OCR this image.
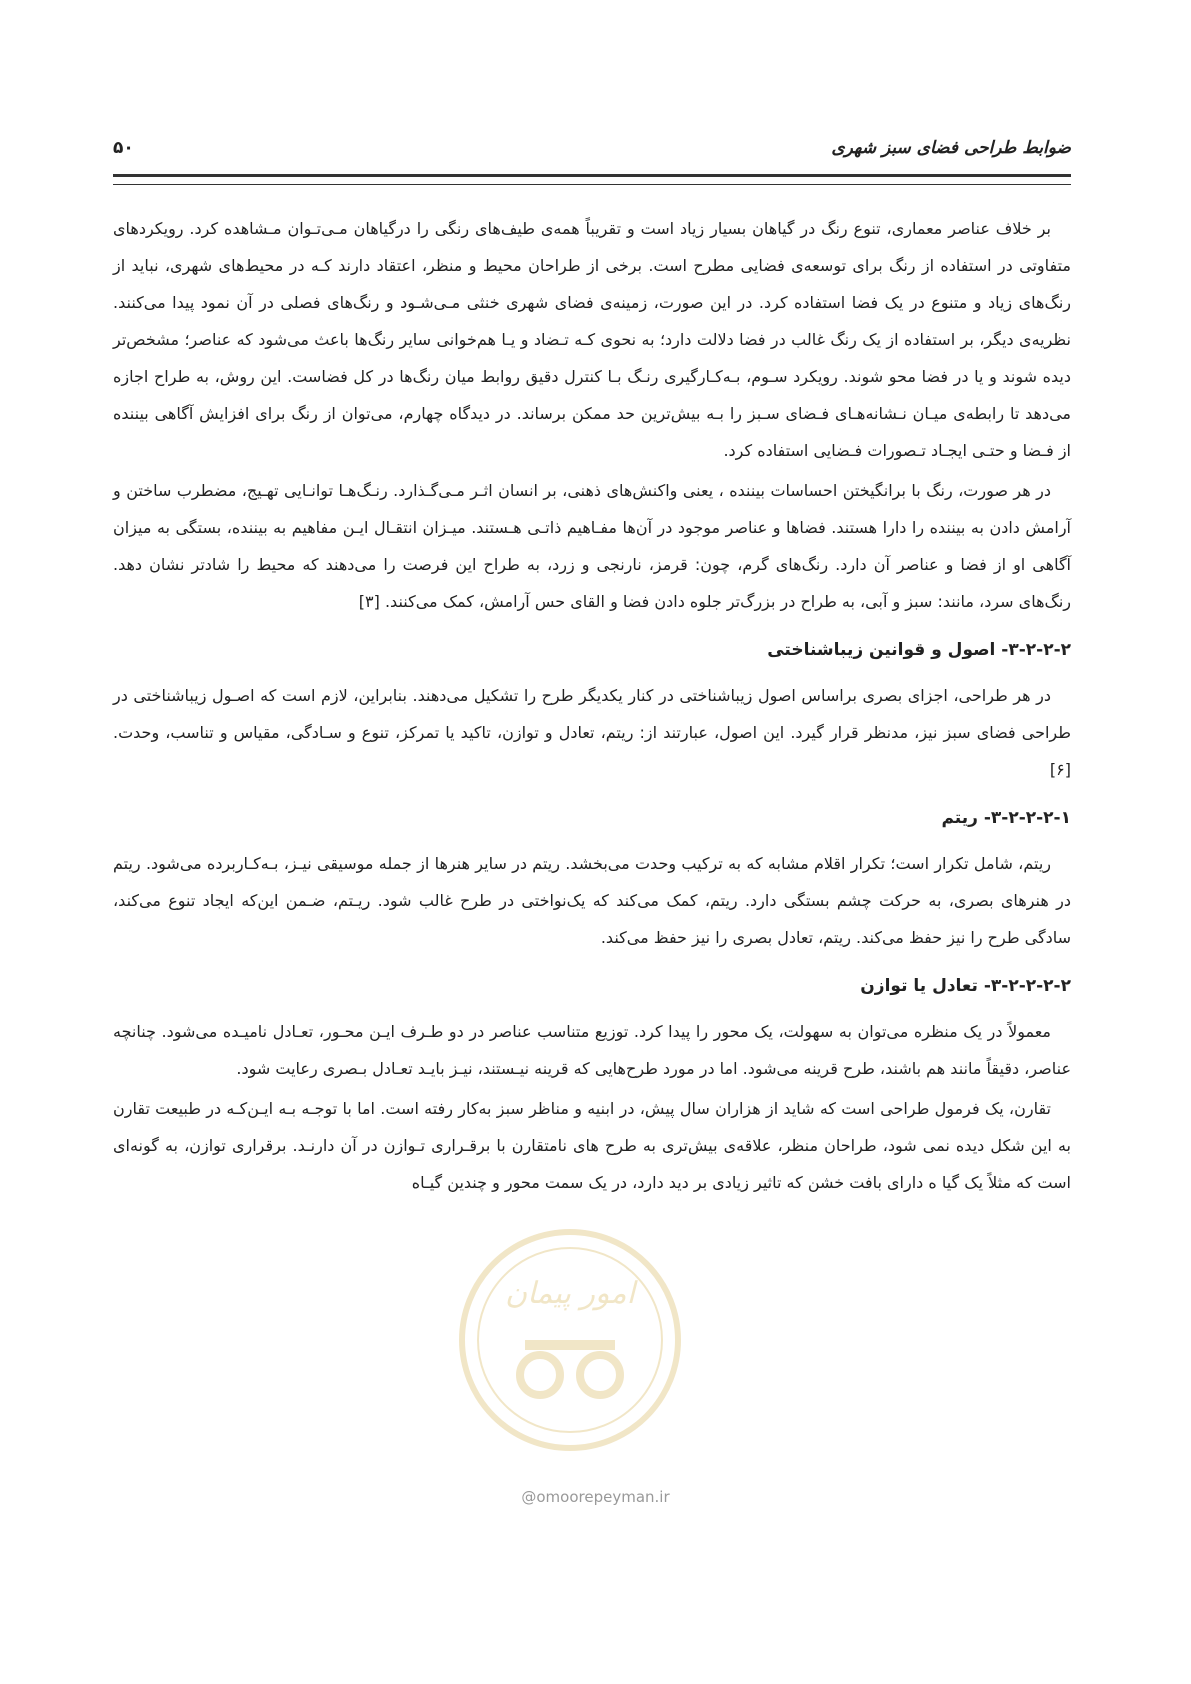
ضوابط طراحی فضای سبز شهری
۵۰

بر خلاف عناصر معماری، تنوع رنگ در گیاهان بسیار زیاد است و تقریباً همه‌ی طیف‌های رنگی را درگیاهان مـی‌تـوان مـشاهده کرد. رویکردهای متفاوتی در استفاده از رنگ برای توسعه‌ی فضایی مطرح است. برخی از طراحان محیط و منظر، اعتقاد دارند کـه در محیط‌های شهری، نباید از رنگ‌های زیاد و متنوع در یک فضا استفاده کرد. در این صورت، زمینه‌ی فضای شهری خنثی مـی‌شـود و رنگ‌های فصلی در آن نمود پیدا می‌کنند. نظریه‌ی دیگر، بر استفاده از یک رنگ غالب در فضا دلالت دارد؛ به نحوی کـه تـضاد و یـا هم‌خوانی سایر رنگ‌ها باعث می‌شود که عناصر؛ مشخص‌تر دیده شوند و یا در فضا محو شوند. رویکرد سـوم، بـه‌کـارگیری رنـگ بـا کنترل دقیق روابط میان رنگ‌ها در کل فضاست. این روش، به طراح اجازه می‌دهد تا رابطه‌ی میـان نـشانه‌هـای فـضای سـبز را بـه بیش‌ترین حد ممکن برساند. در دیدگاه چهارم، می‌توان از رنگ برای افزایش آگاهی بیننده از فـضا و حتـی ایجـاد تـصورات فـضایی استفاده کرد.

در هر صورت، رنگ با برانگیختن احساسات بیننده ، یعنی واکنش‌های ذهنی، بر انسان اثـر مـی‌گـذارد. رنـگ‌هـا توانـایی تهـیج، مضطرب ساختن و آرامش دادن به بیننده را دارا هستند. فضاها و عناصر موجود در آن‌ها مفـاهیم ذاتـی هـستند. میـزان انتقـال ایـن مفاهیم به بیننده، بستگی به میزان آگاهی او از فضا و عناصر آن دارد. رنگ‌های گرم، چون: قرمز، نارنجی و زرد، به طراح این فرصت را می‌دهند که محیط را شادتر نشان دهد. رنگ‌های سرد، مانند: سبز و آبی، به طراح در بزرگ‌تر جلوه دادن فضا و القای حس آرامش، کمک می‌کنند. [۳]

۳-۲-۲-۲- اصول و قوانین زیباشناختی

در هر طراحی، اجزای بصری براساس اصول زیباشناختی در کنار یکدیگر طرح را تشکیل می‌دهند. بنابراین، لازم است که اصـول زیباشناختی در طراحی فضای سبز نیز، مدنظر قرار گیرد. این اصول، عبارتند از: ریتم، تعادل و توازن، تاکید یا تمرکز، تنوع و سـادگی، مقیاس و تناسب، وحدت. [۶]

۳-۲-۲-۲-۱- ریتم

ریتم، شامل تکرار است؛ تکرار اقلام مشابه که به ترکیب وحدت می‌بخشد. ریتم در سایر هنرها از جمله موسیقی نیـز، بـه‌کـاربرده می‌شود. ریتم در هنرهای بصری، به حرکت چشم بستگی دارد. ریتم، کمک می‌کند که یک‌نواختی در طرح غالب شود. ریـتم، ضـمن این‌که ایجاد تنوع می‌کند، سادگی طرح را نیز حفظ می‌کند. ریتم، تعادل بصری را نیز حفظ می‌کند.

۳-۲-۲-۲-۲- تعادل یا توازن

معمولاً در یک منظره می‌توان به سهولت، یک محور را پیدا کرد. توزیع متناسب عناصر در دو طـرف ایـن محـور، تعـادل نامیـده می‌شود. چنانچه عناصر، دقیقاً مانند هم باشند، طرح قرینه می‌شود. اما در مورد طرح‌هایی که قرینه نیـستند، نیـز بایـد تعـادل بـصری رعایت شود.

تقارن، یک فرمول طراحی است که شاید از هزاران سال پیش، در ابنیه و مناظر سبز به‌کار رفته است. اما با توجـه بـه ایـن‌کـه در طبیعت تقارن به این شکل دیده نمی شود، طراحان منظر، علاقه‌ی بیش‌تری به طرح های نامتقارن با برقـراری تـوازن در آن دارنـد. برقراری توازن، به گونه‌ای است که مثلاً یک گیا ه دارای بافت خشن که تاثیر زیادی بر دید دارد، در یک سمت محور و چندین گیـاه

امور پیمان
@omoorepeyman.ir
